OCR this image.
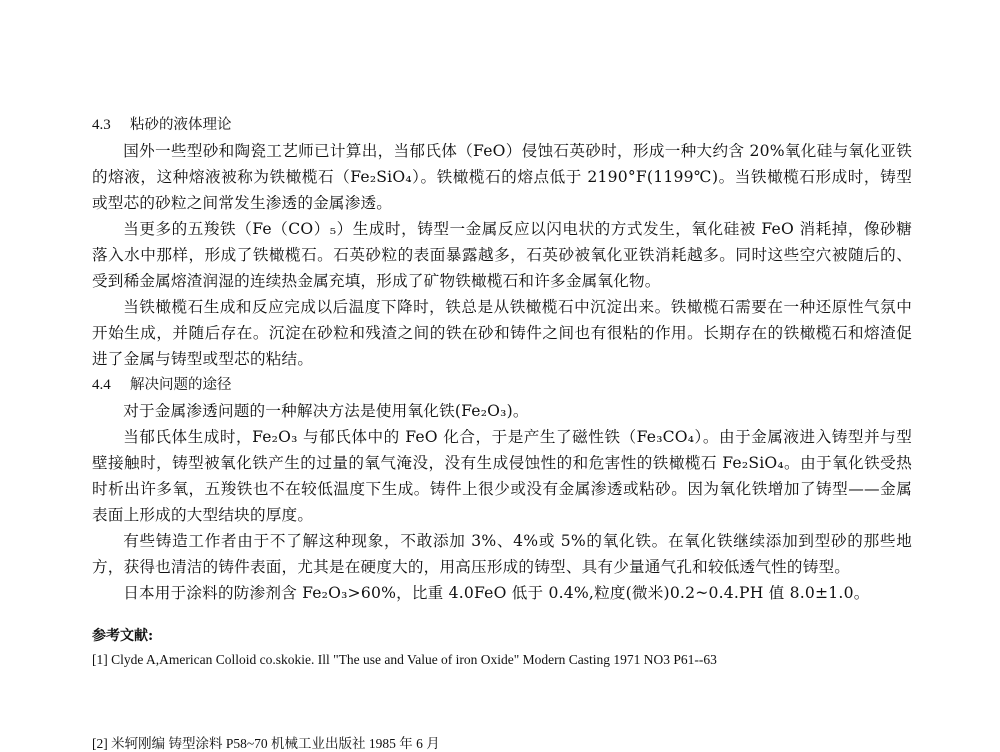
4.3 粘砂的液体理论
国外一些型砂和陶瓷工艺师已计算出，当郁氏体（FeO）侵蚀石英砂时，形成一种大约含 20%氧化硅与氧化亚铁的熔液，这种熔液被称为铁橄榄石（Fe₂SiO₄）。铁橄榄石的熔点低于 2190°F(1199℃)。当铁橄榄石形成时，铸型或型芯的砂粒之间常发生渗透的金属渗透。
当更多的五羧铁（Fe（CO）₅）生成时，铸型一金属反应以闪电状的方式发生，氧化硅被 FeO 消耗掉，像砂糖落入水中那样，形成了铁橄榄石。石英砂粒的表面暴露越多，石英砂被氧化亚铁消耗越多。同时这些空穴被随后的、受到稀金属熔渣润湿的连续热金属充填，形成了矿物铁橄榄石和许多金属氧化物。
当铁橄榄石生成和反应完成以后温度下降时，铁总是从铁橄榄石中沉淀出来。铁橄榄石需要在一种还原性气氛中开始生成，并随后存在。沉淀在砂粒和残渣之间的铁在砂和铸件之间也有很粘的作用。长期存在的铁橄榄石和熔渣促进了金属与铸型或型芯的粘结。
4.4 解决问题的途径
对于金属渗透问题的一种解决方法是使用氧化铁(Fe₂O₃)。
当郁氏体生成时，Fe₂O₃ 与郁氏体中的 FeO 化合，于是产生了磁性铁（Fe₃CO₄）。由于金属液进入铸型并与型壁接触时，铸型被氧化铁产生的过量的氧气淹没，没有生成侵蚀性的和危害性的铁橄榄石 Fe₂SiO₄。由于氧化铁受热时析出许多氧，五羧铁也不在较低温度下生成。铸件上很少或没有金属渗透或粘砂。因为氧化铁增加了铸型——金属表面上形成的大型结块的厚度。
有些铸造工作者由于不了解这种现象，不敢添加 3%、4%或 5%的氧化铁。在氧化铁继续添加到型砂的那些地方，获得也清洁的铸件表面，尤其是在硬度大的，用高压形成的铸型、具有少量通气孔和较低透气性的铸型。
日本用于涂料的防渗剂含 Fe₂O₃>60%，比重 4.0FeO 低于 0.4%,粒度(微米)0.2~0.4.PH 值 8.0±1.0。
参考文献:
[1] Clyde A,American Colloid co.skokie. Ill "The use and Value of iron Oxide" Modern Casting 1971 NO3 P61--63
[2] 米轲刚编 铸型涂料 P58~70 机械工业出版社 1985 年 6 月
